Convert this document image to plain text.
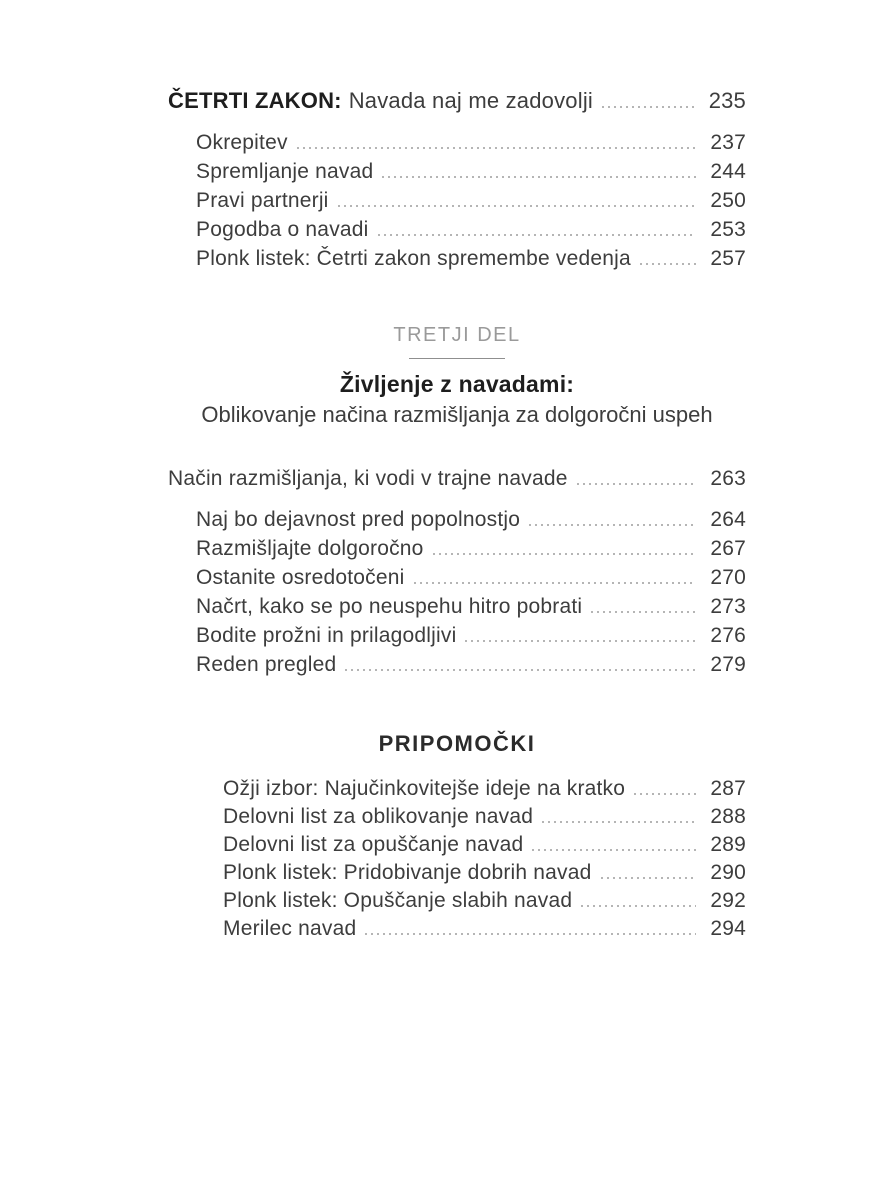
ČETRTI ZAKON: Navada naj me zadovolji	235
Okrepitev	237
Spremljanje navad	244
Pravi partnerji	250
Pogodba o navadi	253
Plonk listek: Četrti zakon spremembe vedenja	257
TRETJI DEL
Življenje z navadami:
Oblikovanje načina razmišljanja za dolgoročni uspeh
Način razmišljanja, ki vodi v trajne navade	263
Naj bo dejavnost pred popolnostjo	264
Razmišljajte dolgoročno	267
Ostanite osredotočeni	270
Načrt, kako se po neuspehu hitro pobrati	273
Bodite prožni in prilagodljivi	276
Reden pregled	279
PRIPOMOČKI
Ožji izbor: Najučinkovitejše ideje na kratko	287
Delovni list za oblikovanje navad	288
Delovni list za opuščanje navad	289
Plonk listek: Pridobivanje dobrih navad	290
Plonk listek: Opuščanje slabih navad	292
Merilec navad	294
